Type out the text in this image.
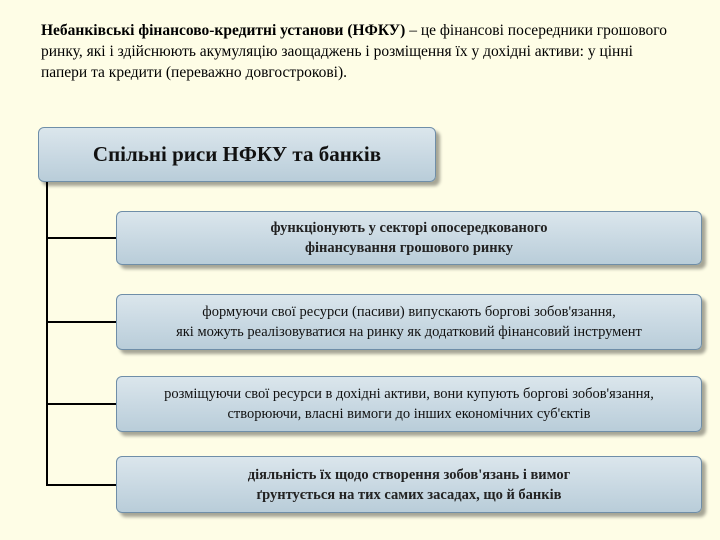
Небанківські фінансово-кредитні установи (НФКУ) – це фінансові посередники грошового ринку, які і здійснюють акумуляцію заощаджень і розміщення їх у дохідні активи: у цінні папери та кредити (переважно довгострокові).
Спільні риси НФКУ та банків
функціонують у секторі опосередкованого
фінансування грошового ринку
формуючи свої ресурси (пасиви) випускають боргові зобов'язання,
які можуть реалізовуватися на ринку як додатковий фінансовий інструмент
розміщуючи свої ресурси в дохідні активи, вони купують боргові зобов'язання,
створюючи, власні вимоги до інших економічних суб'єктів
діяльність їх щодо створення зобов'язань і вимог
ґрунтується на тих самих засадах, що й банків
